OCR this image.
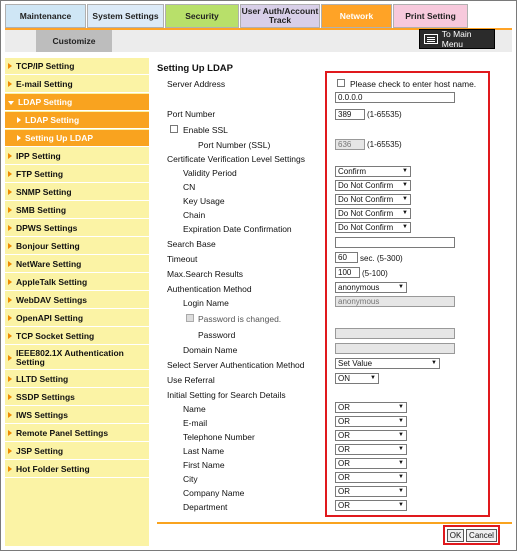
Maintenance	System Settings	Security	User Auth/Account Track	Network	Print Setting
Customize
To Main Menu
TCP/IP Setting
E-mail Setting
LDAP Setting
LDAP Setting
Setting Up LDAP
IPP Setting
FTP Setting
SNMP Setting
SMB Setting
DPWS Settings
Bonjour Setting
NetWare Setting
AppleTalk Setting
WebDAV Settings
OpenAPI Setting
TCP Socket Setting
IEEE802.1X Authentication Setting
LLTD Setting
SSDP Settings
IWS Settings
Remote Panel Settings
JSP Setting
Hot Folder Setting
Setting Up LDAP
Server Address	Please check to enter host name.
0.0.0.0
Port Number	389	(1-65535)
Enable SSL
Port Number (SSL)	636	(1-65535)
Certificate Verification Level Settings
Validity Period	Confirm ▼
CN	Do Not Confirm ▼
Key Usage	Do Not Confirm ▼
Chain	Do Not Confirm ▼
Expiration Date Confirmation	Do Not Confirm ▼
Search Base
Timeout	60	sec. (5-300)
Max.Search Results	100	(5-100)
Authentication Method	anonymous ▼
Login Name	anonymous
Password is changed.
Password
Domain Name
Select Server Authentication Method	Set Value ▼
Use Referral	ON ▼
Initial Setting for Search Details
Name	OR ▼
E-mail	OR ▼
Telephone Number	OR ▼
Last Name	OR ▼
First Name	OR ▼
City	OR ▼
Company Name	OR ▼
Department	OR ▼
OK Cancel
